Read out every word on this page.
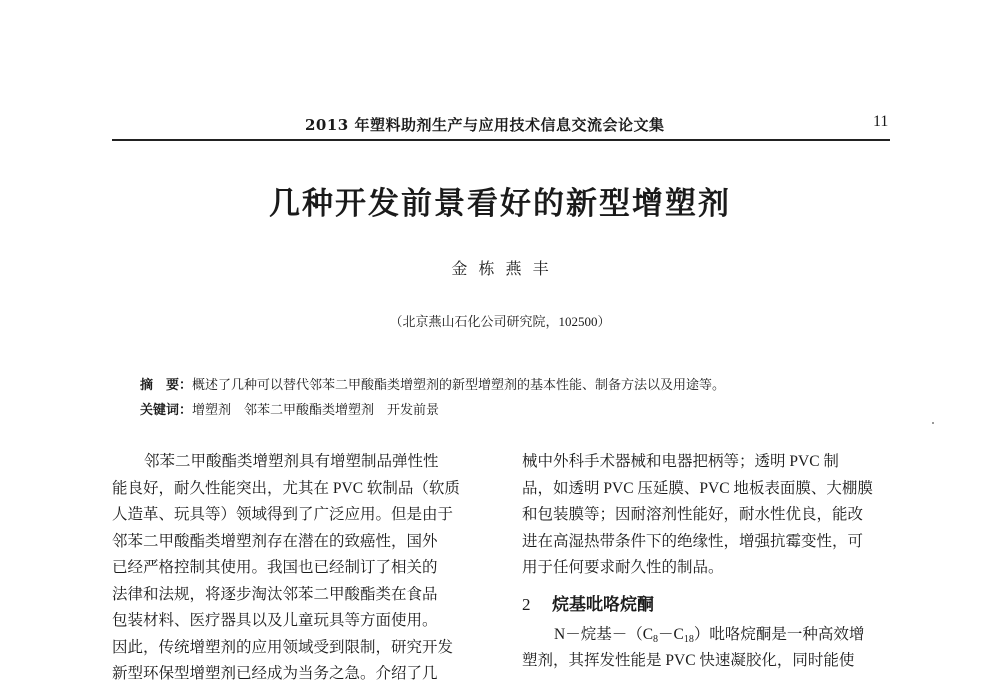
2013 年塑料助剂生产与应用技术信息交流会论文集	11
几种开发前景看好的新型增塑剂
金 栋 燕 丰
（北京燕山石化公司研究院，102500）
摘　要：概述了几种可以替代邻苯二甲酸酯类增塑剂的新型增塑剂的基本性能、制备方法以及用途等。
关键词：增塑剂　邻苯二甲酸酯类增塑剂　开发前景
邻苯二甲酸酯类增塑剂具有增塑制品弹性性
能良好，耐久性能突出，尤其在 PVC 软制品（软质
人造革、玩具等）领域得到了广泛应用。但是由于
邻苯二甲酸酯类增塑剂存在潜在的致癌性，国外
已经严格控制其使用。我国也已经制订了相关的
法律和法规，将逐步淘汰邻苯二甲酸酯类在食品
包装材料、医疗器具以及儿童玩具等方面使用。
因此，传统增塑剂的应用领域受到限制，研究开发
新型环保型增塑剂已经成为当务之急。介绍了几
械中外科手术器械和电器把柄等；透明 PVC 制
品，如透明 PVC 压延膜、PVC 地板表面膜、大棚膜
和包装膜等；因耐溶剂性能好，耐水性优良，能改
进在高湿热带条件下的绝缘性，增强抗霉变性，可
用于任何要求耐久性的制品。
2 烷基吡咯烷酮
N－烷基$-(C_8-C_{18})$吡咯烷酮是一种高效增
塑剂，其挥发性能是 PVC 快速凝胶化，同时能使
